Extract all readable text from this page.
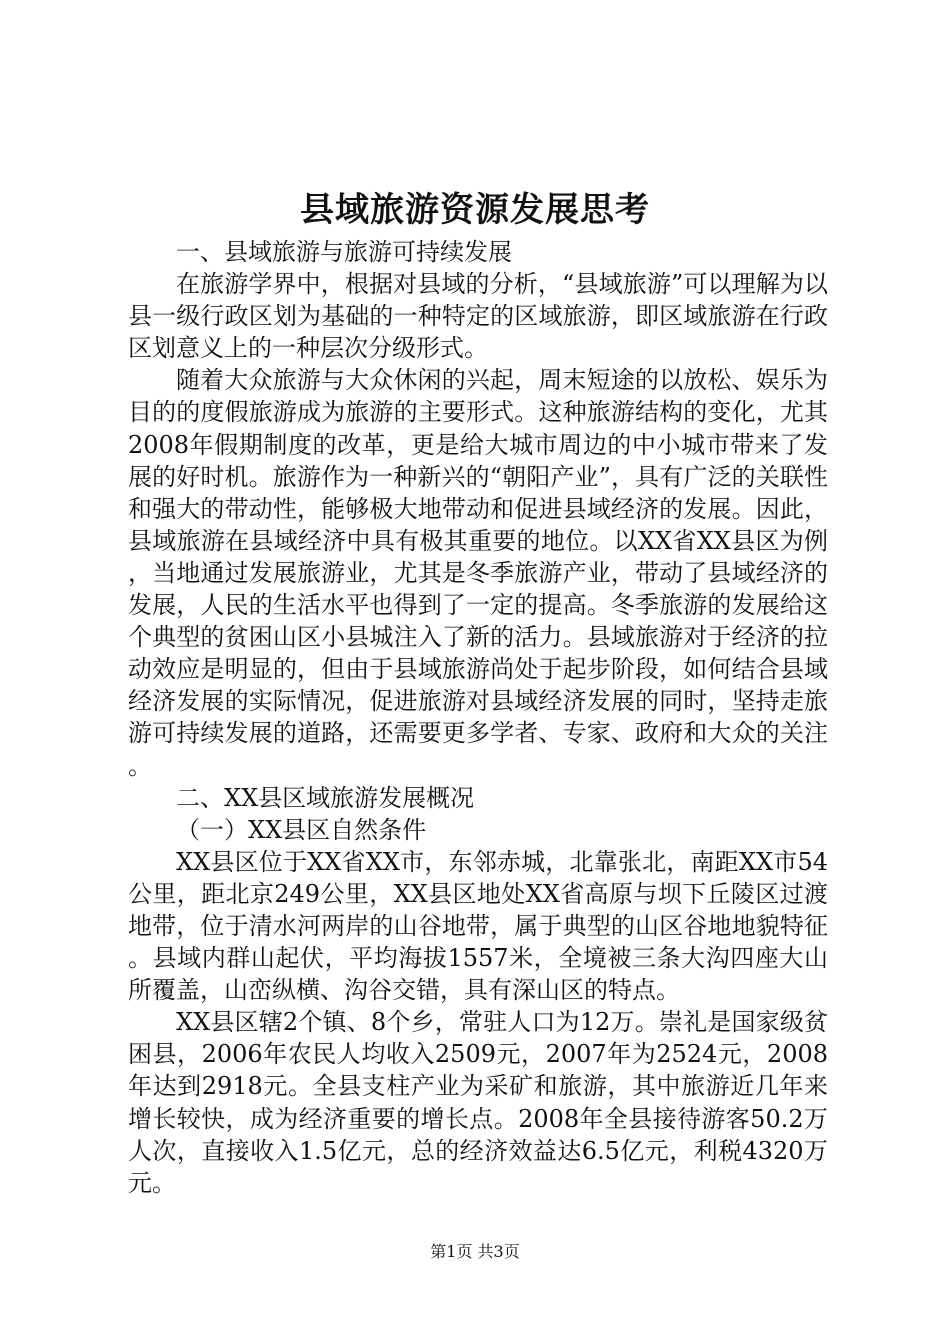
县域旅游资源发展思考

一、县域旅游与旅游可持续发展

在旅游学界中，根据对县域的分析，“县域旅游”可以理解为以县一级行政区划为基础的一种特定的区域旅游，即区域旅游在行政区划意义上的一种层次分级形式。

随着大众旅游与大众休闲的兴起，周末短途的以放松、娱乐为目的的度假旅游成为旅游的主要形式。这种旅游结构的变化，尤其2008年假期制度的改革，更是给大城市周边的中小城市带来了发展的好时机。旅游作为一种新兴的“朝阳产业”，具有广泛的关联性和强大的带动性，能够极大地带动和促进县域经济的发展。因此，县域旅游在县域经济中具有极其重要的地位。以XX省XX县区为例，当地通过发展旅游业，尤其是冬季旅游产业，带动了县域经济的发展，人民的生活水平也得到了一定的提高。冬季旅游的发展给这个典型的贫困山区小县城注入了新的活力。县域旅游对于经济的拉动效应是明显的，但由于县域旅游尚处于起步阶段，如何结合县域经济发展的实际情况，促进旅游对县域经济发展的同时，坚持走旅游可持续发展的道路，还需要更多学者、专家、政府和大众的关注。

二、XX县区域旅游发展概况

（一）XX县区自然条件

XX县区位于XX省XX市，东邻赤城，北靠张北，南距XX市54公里，距北京249公里，XX县区地处XX省高原与坝下丘陵区过渡地带，位于清水河两岸的山谷地带，属于典型的山区谷地地貌特征。县域内群山起伏，平均海拔1557米，全境被三条大沟四座大山所覆盖，山峦纵横、沟谷交错，具有深山区的特点。

XX县区辖2个镇、8个乡，常驻人口为12万。崇礼是国家级贫困县，2006年农民人均收入2509元，2007年为2524元，2008年达到2918元。全县支柱产业为采矿和旅游，其中旅游近几年来增长较快，成为经济重要的增长点。2008年全县接待游客50.2万人次，直接收入1.5亿元，总的经济效益达6.5亿元，利税4320万元。

第1页 共3页
